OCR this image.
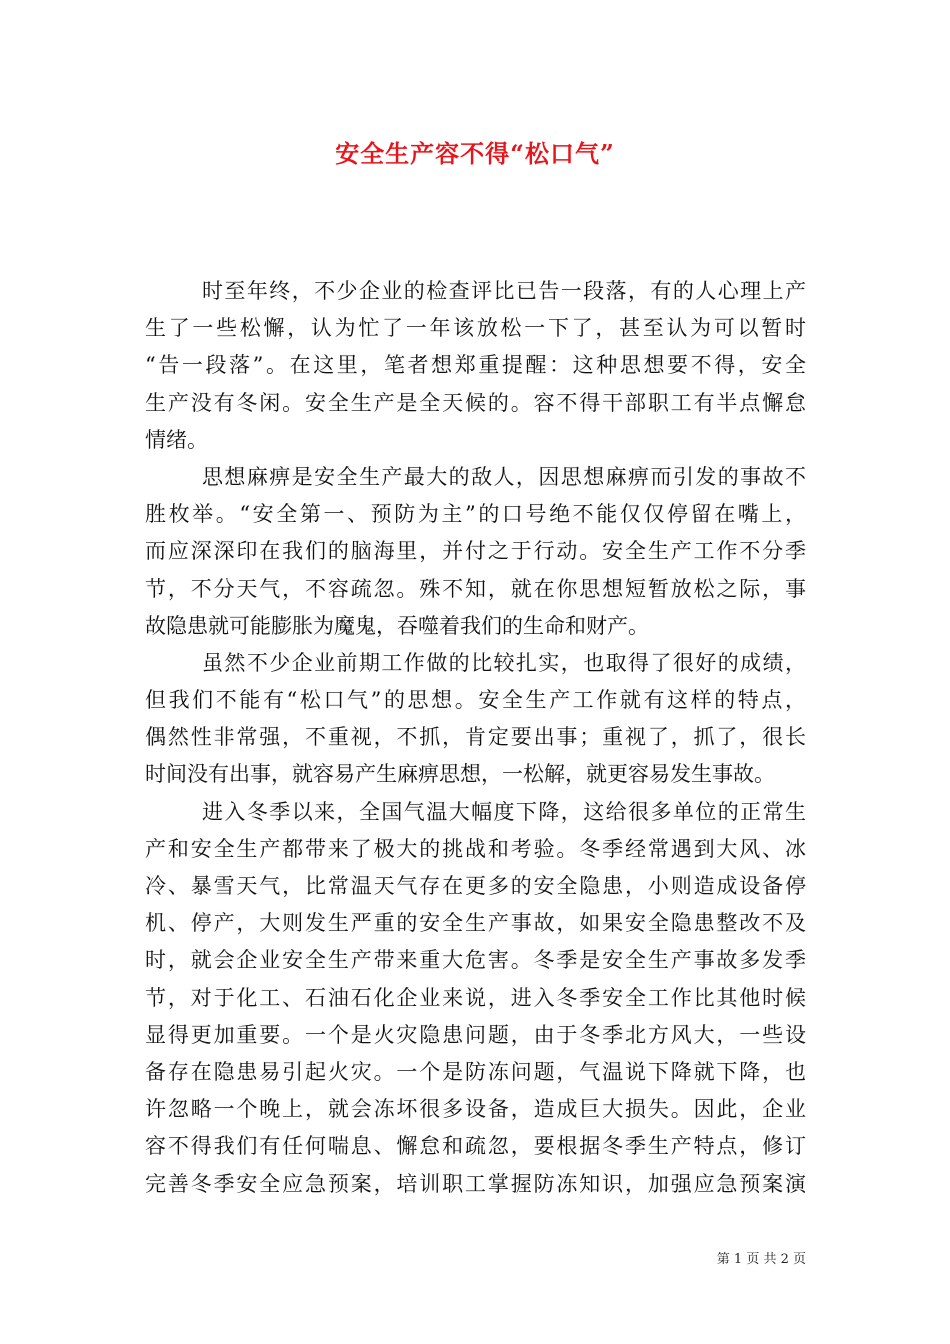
安全生产容不得“松口气”
时至年终，不少企业的检查评比已告一段落，有的人心理上产
生了一些松懈，认为忙了一年该放松一下了，甚至认为可以暂时
“告一段落”。在这里，笔者想郑重提醒：这种思想要不得，安全
生产没有冬闲。安全生产是全天候的。容不得干部职工有半点懈怠
情绪。
思想麻痹是安全生产最大的敌人，因思想麻痹而引发的事故不
胜枚举。“安全第一、预防为主”的口号绝不能仅仅停留在嘴上，
而应深深印在我们的脑海里，并付之于行动。安全生产工作不分季
节，不分天气，不容疏忽。殊不知，就在你思想短暂放松之际，事
故隐患就可能膨胀为魔鬼，吞噬着我们的生命和财产。
虽然不少企业前期工作做的比较扎实，也取得了很好的成绩，
但我们不能有“松口气”的思想。安全生产工作就有这样的特点，
偶然性非常强，不重视，不抓，肯定要出事；重视了，抓了，很长
时间没有出事，就容易产生麻痹思想，一松解，就更容易发生事故。
进入冬季以来，全国气温大幅度下降，这给很多单位的正常生
产和安全生产都带来了极大的挑战和考验。冬季经常遇到大风、冰
冷、暴雪天气，比常温天气存在更多的安全隐患，小则造成设备停
机、停产，大则发生严重的安全生产事故，如果安全隐患整改不及
时，就会企业安全生产带来重大危害。冬季是安全生产事故多发季
节，对于化工、石油石化企业来说，进入冬季安全工作比其他时候
显得更加重要。一个是火灾隐患问题，由于冬季北方风大，一些设
备存在隐患易引起火灾。一个是防冻问题，气温说下降就下降，也
许忽略一个晚上，就会冻坏很多设备，造成巨大损失。因此，企业
容不得我们有任何喘息、懈怠和疏忽，要根据冬季生产特点，修订
完善冬季安全应急预案，培训职工掌握防冻知识，加强应急预案演
第 1 页 共 2 页
